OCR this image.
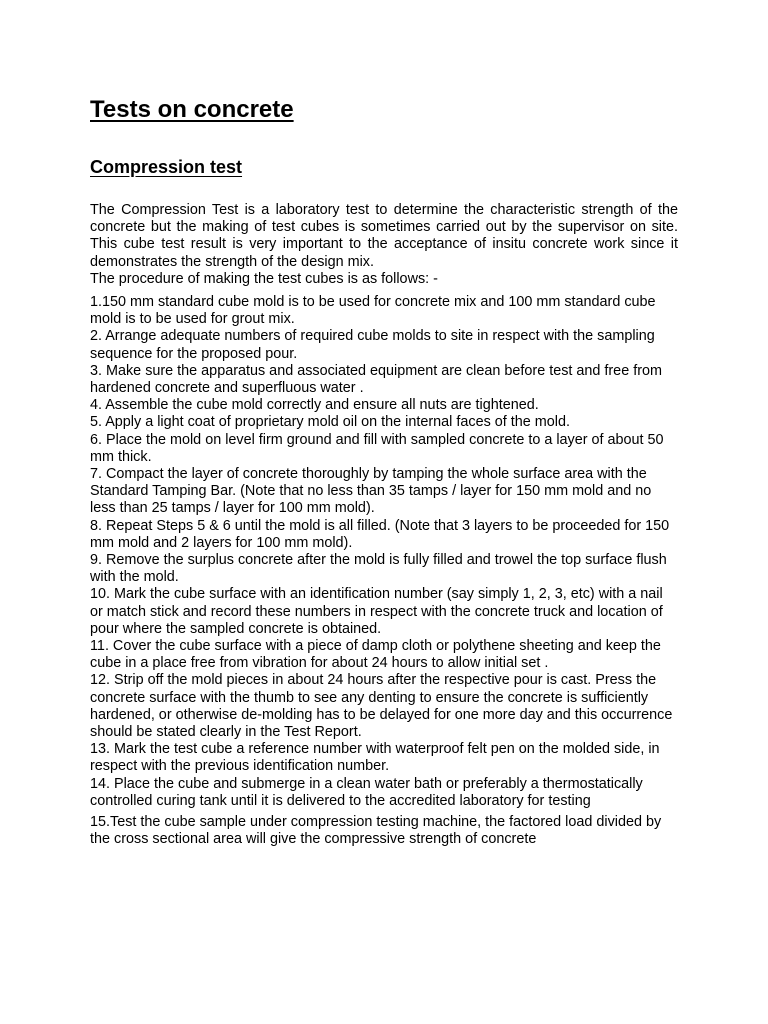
Tests on concrete
Compression test

The Compression Test is a laboratory test to determine the characteristic strength of the concrete but the making of test cubes is sometimes carried out by the supervisor on site. This cube test result is very important to the acceptance of insitu concrete work since it demonstrates the strength of the design mix.
The procedure of making the test cubes is as follows: -

1.150 mm standard cube mold is to be used for concrete mix and 100 mm standard cube mold is to be used for grout mix.
2. Arrange adequate numbers of required cube molds to site in respect with the sampling sequence for the proposed pour.
3. Make sure the apparatus and associated equipment are clean before test and free from hardened concrete and superfluous water .
4. Assemble the cube mold correctly and ensure all nuts are tightened.
5. Apply a light coat of proprietary mold oil on the internal faces of the mold.
6. Place the mold on level firm ground and fill with sampled concrete to a layer of about 50 mm thick.
7. Compact the layer of concrete thoroughly by tamping the whole surface area with the Standard Tamping Bar. (Note that no less than 35 tamps / layer for 150 mm mold and no less than 25 tamps / layer for 100 mm mold).
8. Repeat Steps 5 & 6 until the mold is all filled. (Note that 3 layers to be proceeded for 150 mm mold and 2 layers for 100 mm mold).
9. Remove the surplus concrete after the mold is fully filled and trowel the top surface flush with the mold.
10. Mark the cube surface with an identification number (say simply 1, 2, 3, etc) with a nail or match stick and record these numbers in respect with the concrete truck and location of pour where the sampled concrete is obtained.
11. Cover the cube surface with a piece of damp cloth or polythene sheeting and keep the cube in a place free from vibration for about 24 hours to allow initial set .
12. Strip off the mold pieces in about 24 hours after the respective pour is cast. Press the concrete surface with the thumb to see any denting to ensure the concrete is sufficiently hardened, or otherwise de-molding has to be delayed for one more day and this occurrence should be stated clearly in the Test Report.
13. Mark the test cube a reference number with waterproof felt pen on the molded side, in respect with the previous identification number.
14. Place the cube and submerge in a clean water bath or preferably a thermostatically controlled curing tank until it is delivered to the accredited laboratory for testing
15.Test the cube sample under compression testing machine, the factored load divided by the cross sectional area will give the compressive strength of concrete
